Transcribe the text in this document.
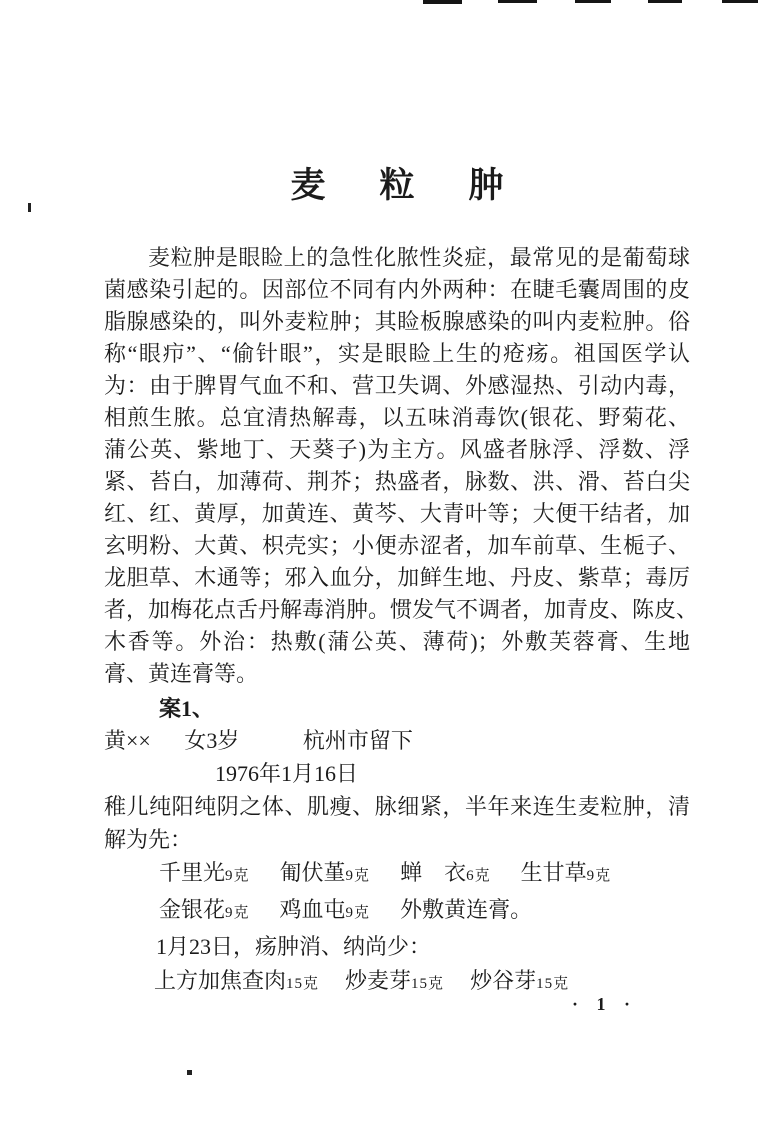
麦 粒 肿

麦粒肿是眼睑上的急性化脓性炎症，最常见的是葡萄球

菌感染引起的。因部位不同有内外两种：在睫毛囊周围的皮

脂腺感染的，叫外麦粒肿；其睑板腺感染的叫内麦粒肿。俗

称“眼疖”、“偷针眼”，实是眼睑上生的疮疡。祖国医学认

为：由于脾胃气血不和、营卫失调、外感湿热、引动内毒，

相煎生脓。总宜清热解毒，以五味消毒饮(银花、野菊花、

蒲公英、紫地丁、天葵子)为主方。风盛者脉浮、浮数、浮

紧、苔白，加薄荷、荆芥；热盛者，脉数、洪、滑、苔白尖

红、红、黄厚，加黄连、黄芩、大青叶等；大便干结者，加

玄明粉、大黄、枳壳实；小便赤涩者，加车前草、生栀子、

龙胆草、木通等；邪入血分，加鲜生地、丹皮、紫草；毒厉

者，加梅花点舌丹解毒消肿。惯发气不调者，加青皮、陈皮、

木香等。外治：热敷(蒲公英、薄荷)；外敷芙蓉膏、生地

膏、黄连膏等。

案1、
黄×× 女3岁	杭州市留下
1976年1月16日

稚儿纯阳纯阴之体、肌瘦、脉细紧，半年来连生麦粒肿，清

解为先：

千里光9克 匍伏堇9克 蝉　衣6克 生甘草9克
金银花9克 鸡血屯9克 外敷黄连膏。
1月23日，疡肿消、纳尚少：
上方加焦查肉15克 炒麦芽15克 炒谷芽15克
· 1 ·
